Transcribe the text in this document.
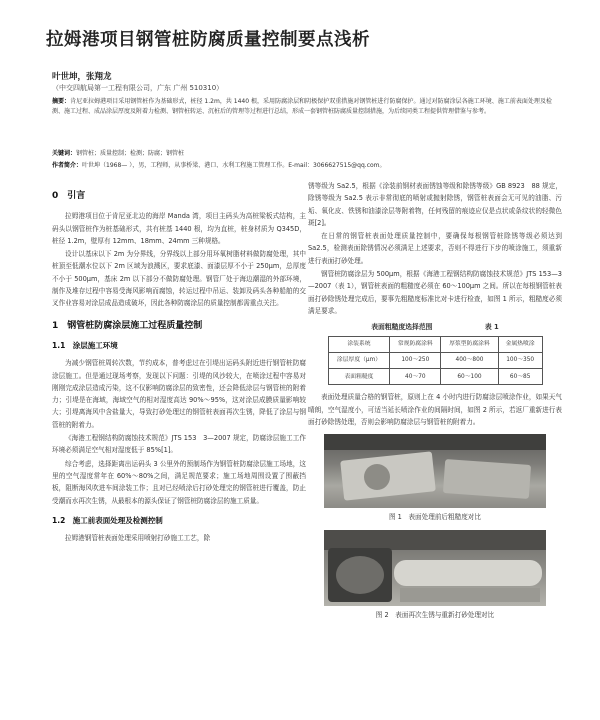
拉姆港项目钢管桩防腐质量控制要点浅析
叶世坤，张翔龙
（中交四航局第一工程有限公司，广东 广州 510310）
摘要：肯尼亚拉姆港项目采用钢管桩作为基础形式，桩径 1.2m，共 1440 根，采用防腐涂层和阴极保护双重措施对钢管桩进行防腐保护。通过对防腐涂层各施工环境、施工前表面处理及检测、施工过程、成品涂层厚度及附着力检测、钢管桩转运、沉桩后的管理等过程进行总结，形成一套钢管桩防腐质量控制措施，为后续同类工程提供管理借鉴与参考。
关键词：钢管桩；质量控制；检测；防腐；钢管桩
作者简介：叶世坤（1968— ），男，工程师，从事桥梁、港口、水利工程施工管理工作。E-mail：3066627515@qq.com。
0　引言

拉姆港项目位于肯尼亚北边的海岸 Manda 湾，项目主码头为高桩梁板式结构，主码头以钢管桩作为桩基础形式，共有桩基 1440 根，均为直桩，桩身材质为 Q345D，桩径 1.2m，壁厚有 12mm、18mm、24mm 三种规格。

设计以基床以下 2m 为分界线，分界线以上部分用环氧树脂材料做防腐处理，其中桩顶至低潮水位以下 2m 区域为浪溅区，要求底漆、面漆层厚不小于 250μm，总厚度不小于 500μm，基床 2m 以下部分不做防腐处理。钢管厂处于海边潮湿的外部环境，制作及堆存过程中容易受海风影响而腐蚀，转运过程中吊运、装卸及码头各种船舶的交叉作业容易对涂层成品造成破坏，因此各种防腐涂层的质量控制都需重点关注。

1　钢管桩防腐涂层施工过程质量控制
1.1　涂层施工环境

为减少钢管桩周转次数，节约成本，普考虑过在引堤出运码头附近进行钢管桩防腐涂层施工。但是通过现场考察，发现以下问题：引堤的风沙较大，在喷涂过程中容易对刚刚完成涂层造成污染，这不仅影响防腐涂层的致密性，还会降低涂层与钢管桩的附着力；引堤是在海域，海域空气的相对湿度高达 90%～95%，这对涂层成膜质量影响较大；引堤离海风中含盐量大，导致打砂处理过的钢管桩表面再次生锈，降低了涂层与钢管桩的附着力。

《海港工程钢结构防腐蚀技术规范》JTS 153　3—2007 规定，防腐涂层施工工作环境必须满足空气相对湿度低于 85%[1]。

综合考虑，选择距离出运码头 3 公里外的预制场作为钢管桩防腐涂层施工场地，这里的空气湿度常年在 60%～80%之间，满足规范要求；施工场地周围设置了围蔽挡板，阻断海风吹进车间涂装工作；且对已经喷涂后打砂处理完的钢管桩进行覆盖，防止受潮而水再次生锈，从最根本的源头保证了钢管桩防腐涂层的施工质量。

1.2　施工前表面处理及检测控制

拉姆港钢管桩表面处理采用喷射打砂施工工艺，除

锈等级为 Sa2.5，根据《涂装前钢材表面锈蚀等级和除锈等级》GB 8923　88 规定，除锈等级为 Sa2.5 表示非常彻底的喷射或抛射除锈，钢管桩表面会无可见的油脂、污垢、氧化皮、铁锈和油漆涂层等附着物，任何残留的痕迹应仅是点状或条纹状的轻微色斑[2]。

在日常的钢管桩表面处理质量控制中，要确保每根钢管桩除锈等级必须达到 Sa2.5，检测表面除锈情况必须满足上述要求，否则不得进行下步的喷涂施工，须重新进行表面打砂处理。

钢管桩防腐涂层为 500μm，根据《海港工程钢结构防腐蚀技术规范》JTS 153—3—2007（表 1），钢管桩表面的粗糙度必须在 60～100μm 之间。所以在每根钢管桩表面打砂除锈处理完成后，要事先粗糙度标准比对卡进行检查，如图 1 所示，粗糙度必须满足要求。

表面粗糙度选择范围	表 1
涂装系统	常规防腐涂料	厚浆型防腐涂料	金属热喷涂
涂层厚度（μm）	100～250	400～800	100～350
表面粗糙度	40～70	60～100	60～85

表面处理质量合格的钢管桩，原则上在 4 小时内进行防腐涂层喷涂作业，如果天气晴朗，空气湿度小，可适当延长喷涂作业的间隔时间，如图 2 所示，若返厂重新进行表面打砂除锈处理，否则会影响防腐涂层与钢管桩的附着力。

图 1　表面处理前后粗糙度对比
图 2　表面再次生锈与重新打砂处理对比
